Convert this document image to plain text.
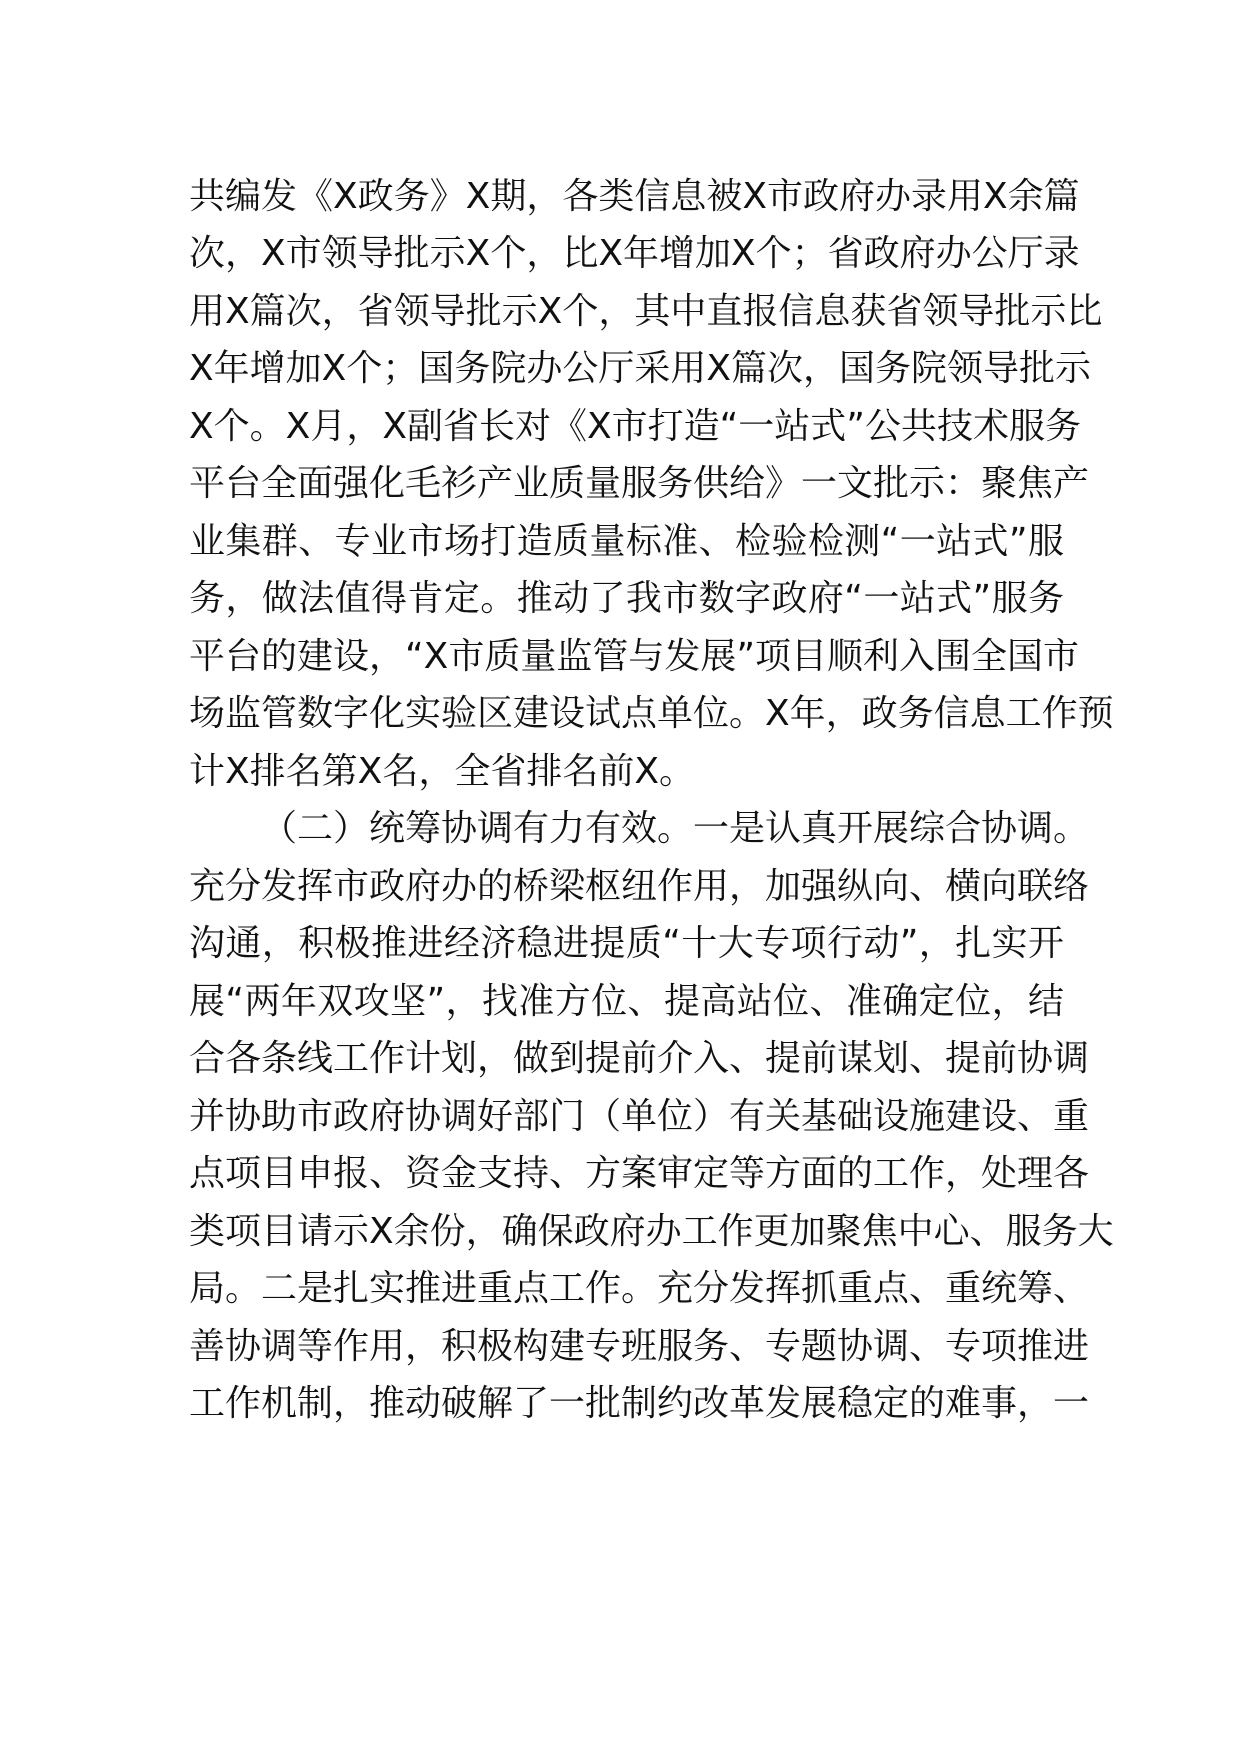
共编发《X政务》X期，各类信息被X市政府办录用X余篇

次，X市领导批示X个，比X年增加X个；省政府办公厅录

用X篇次，省领导批示X个，其中直报信息获省领导批示比

X年增加X个；国务院办公厅采用X篇次，国务院领导批示

X个。X月，X副省长对《X市打造“一站式”公共技术服务

平台全面强化毛衫产业质量服务供给》一文批示：聚焦产

业集群、专业市场打造质量标准、检验检测“一站式”服

务，做法值得肯定。推动了我市数字政府“一站式”服务

平台的建设，“X市质量监管与发展”项目顺利入围全国市

场监管数字化实验区建设试点单位。X年，政务信息工作预

计X排名第X名，全省排名前X。

（二）统筹协调有力有效。一是认真开展综合协调。

充分发挥市政府办的桥梁枢纽作用，加强纵向、横向联络

沟通，积极推进经济稳进提质“十大专项行动”，扎实开

展“两年双攻坚”，找准方位、提高站位、准确定位，结

合各条线工作计划，做到提前介入、提前谋划、提前协调

并协助市政府协调好部门（单位）有关基础设施建设、重

点项目申报、资金支持、方案审定等方面的工作，处理各

类项目请示X余份，确保政府办工作更加聚焦中心、服务大

局。二是扎实推进重点工作。充分发挥抓重点、重统筹、

善协调等作用，积极构建专班服务、专题协调、专项推进

工作机制，推动破解了一批制约改革发展稳定的难事，一
